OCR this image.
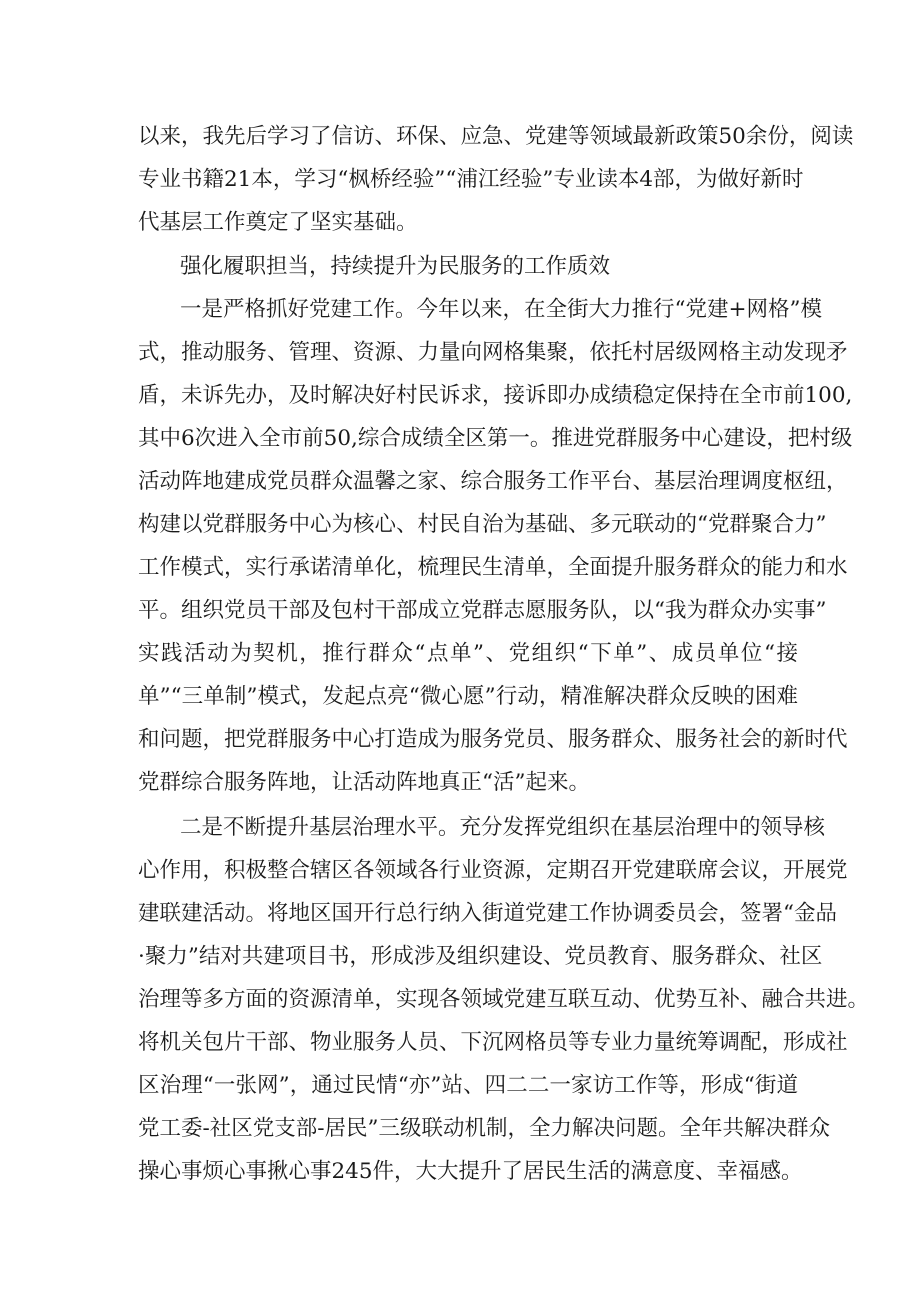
以来，我先后学习了信访、环保、应急、党建等领域最新政策50余份，阅读
专业书籍21本，学习“枫桥经验”“浦江经验”专业读本4部，为做好新时
代基层工作奠定了坚实基础。
强化履职担当，持续提升为民服务的工作质效
一是严格抓好党建工作。今年以来，在全街大力推行“党建+网格”模
式，推动服务、管理、资源、力量向网格集聚，依托村居级网格主动发现矛
盾，未诉先办，及时解决好村民诉求，接诉即办成绩稳定保持在全市前100,
其中6次进入全市前50,综合成绩全区第一。推进党群服务中心建设，把村级
活动阵地建成党员群众温馨之家、综合服务工作平台、基层治理调度枢纽，
构建以党群服务中心为核心、村民自治为基础、多元联动的“党群聚合力”
工作模式，实行承诺清单化，梳理民生清单，全面提升服务群众的能力和水
平。组织党员干部及包村干部成立党群志愿服务队，以“我为群众办实事”
实践活动为契机，推行群众“点单”、党组织“下单”、成员单位“接
单”“三单制”模式，发起点亮“微心愿”行动，精准解决群众反映的困难
和问题，把党群服务中心打造成为服务党员、服务群众、服务社会的新时代
党群综合服务阵地，让活动阵地真正“活”起来。
二是不断提升基层治理水平。充分发挥党组织在基层治理中的领导核
心作用，积极整合辖区各领域各行业资源，定期召开党建联席会议，开展党
建联建活动。将地区国开行总行纳入街道党建工作协调委员会，签署“金品
·聚力”结对共建项目书，形成涉及组织建设、党员教育、服务群众、社区
治理等多方面的资源清单，实现各领域党建互联互动、优势互补、融合共进。
将机关包片干部、物业服务人员、下沉网格员等专业力量统筹调配，形成社
区治理“一张网”，通过民情“亦”站、四二二一家访工作等，形成“街道
党工委-社区党支部-居民”三级联动机制，全力解决问题。全年共解决群众
操心事烦心事揪心事245件，大大提升了居民生活的满意度、幸福感。
